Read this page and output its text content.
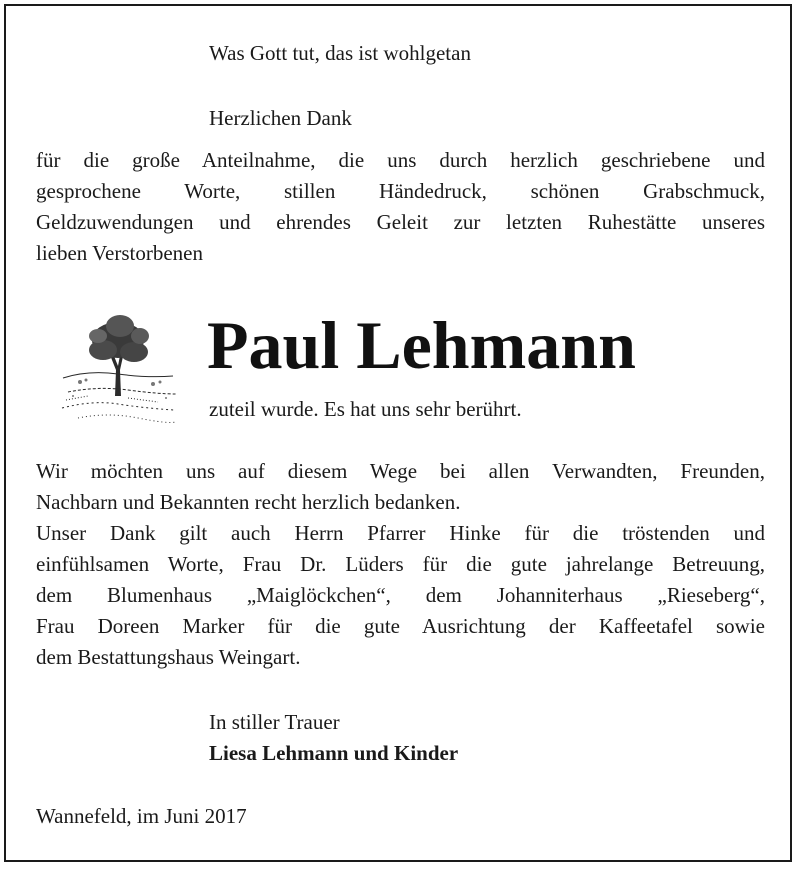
Was Gott tut, das ist wohlgetan
Herzlichen Dank
für die große Anteilnahme, die uns durch herzlich geschriebene und
gesprochene Worte, stillen Händedruck, schönen Grabschmuck,
Geldzuwendungen und ehrendes Geleit zur letzten Ruhestätte unseres
lieben Verstorbenen
Paul Lehmann
zuteil wurde. Es hat uns sehr berührt.
Wir möchten uns auf diesem Wege bei allen Verwandten, Freunden,
Nachbarn und Bekannten recht herzlich bedanken.
Unser Dank gilt auch Herrn Pfarrer Hinke für die tröstenden und
einfühlsamen Worte, Frau Dr. Lüders für die gute jahrelange Betreuung,
dem Blumenhaus „Maiglöckchen“, dem Johanniterhaus „Rieseberg“,
Frau Doreen Marker für die gute Ausrichtung der Kaffeetafel sowie
dem Bestattungshaus Weingart.
In stiller Trauer
Liesa Lehmann und Kinder
Wannefeld, im Juni 2017
